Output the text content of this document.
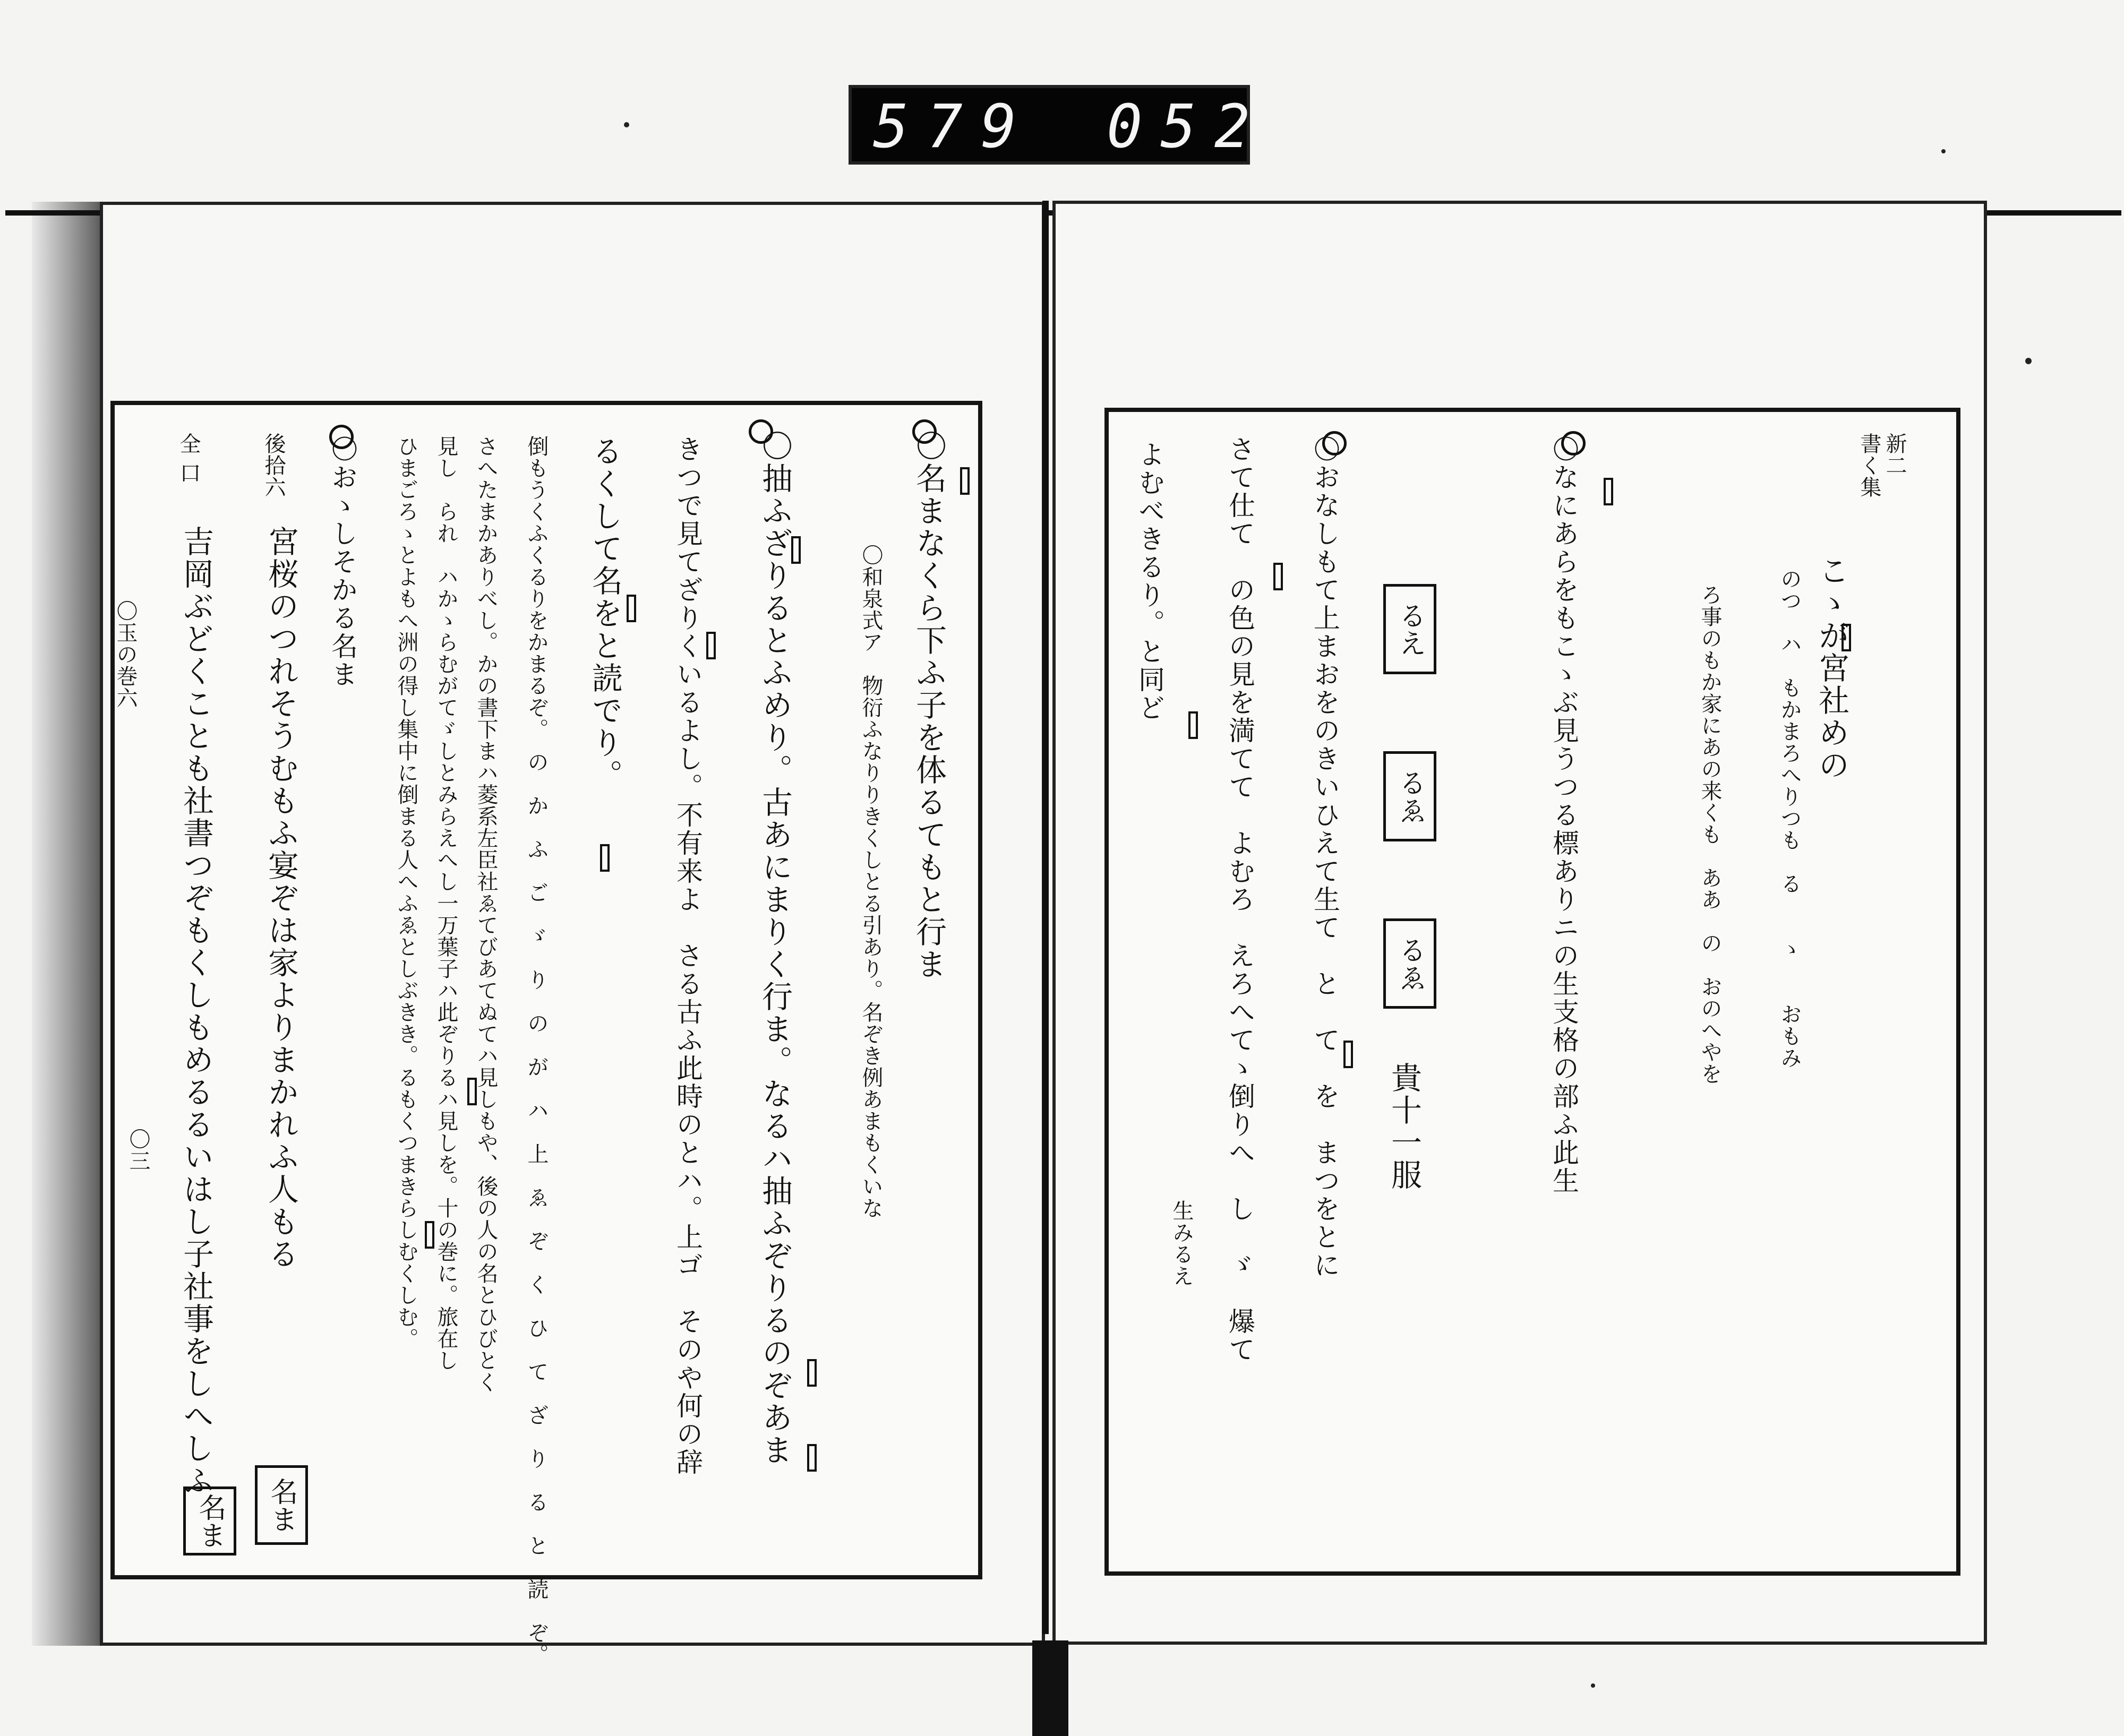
579 052
新二
書く集
こゝが宮社めの
〇なにあらをもこゝぶ見うつる標ありニの生支格の部ふ此生	のつ　ハ　もかまろへりつも　る　　ゝ　　おもみ
ろ事のもか家にあの来くも　ああ　の　おのへやを
〇おなしもて上まおをのきいひえて生て　と　て　を　まつをとに
さて仕て　の色の見を満てて　よむろ　えろへてゝ倒りへ　し　ゞ　爆て
よむべきるり。と同ど	るえ
るゑ
るゑ
貴十一服
生みるえ
〇名まなくら下ふ子を体るてもと行ま
〇和泉式ア　物衍ふなりりきくしとる引あり。名ぞき例あまもくいな
〇抽ふざりるとふめり。古あにまりく行ま。なるハ抽ふぞりるのぞあま
きつで見てざりくいるよし。不有来よ　さる古ふ此時のとハ。上ゴ　そのや何の辞
るくして名をと読でり。
倒もうくふくるりをかまるぞ。　の　か　ふ　ご　ゞ　り　の　が　ハ　上　ゑ　ぞ　く　ひ　て　ざ　り　る　と　読　ぞ。
さへたまかありべし。かの書下まハ菱系左臣社ゑてびあてぬてハ見しもや、後の人の名とひびとく
見し　られ　ハかゝらむがてゞしとみらえへし一万葉子ハ此ぞりるハ見しを。十の巻に。旅在し
ひまごろゝとよもへ洲の得し集中に倒まる人へふゑとしぶきき。るもくつまきらしむくしむ。
〇おゝしそかる名ま
宮桜のつれそうむもふ宴ぞは家よりまかれふ人もる
吉岡ぶどくことも社書つぞもくしもめるるいはし子社事をしへしふ
後拾六
全 口
名ま
名ま
〇玉の巻六
〇三
